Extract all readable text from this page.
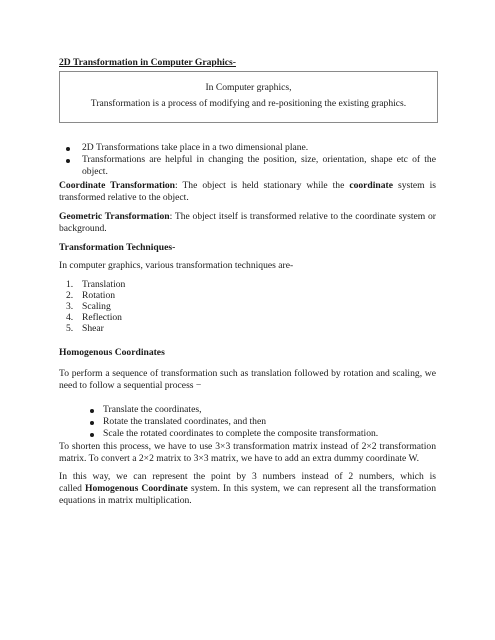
2D Transformation in Computer Graphics-
In Computer graphics,
Transformation is a process of modifying and re-positioning the existing graphics.
2D Transformations take place in a two dimensional plane.
Transformations are helpful in changing the position, size, orientation, shape etc of the
object.
Coordinate Transformation: The object is held stationary while the coordinate system is
transformed relative to the object.
Geometric Transformation: The object itself is transformed relative to the coordinate system or
background.
Transformation Techniques-
In computer graphics, various transformation techniques are-
1. Translation
2. Rotation
3. Scaling
4. Reflection
5. Shear
Homogenous Coordinates
To perform a sequence of transformation such as translation followed by rotation and scaling, we
need to follow a sequential process −
Translate the coordinates,
Rotate the translated coordinates, and then
Scale the rotated coordinates to complete the composite transformation.
To shorten this process, we have to use 3×3 transformation matrix instead of 2×2 transformation
matrix. To convert a 2×2 matrix to 3×3 matrix, we have to add an extra dummy coordinate W.
In this way, we can represent the point by 3 numbers instead of 2 numbers, which is
called Homogenous Coordinate system. In this system, we can represent all the transformation
equations in matrix multiplication.
